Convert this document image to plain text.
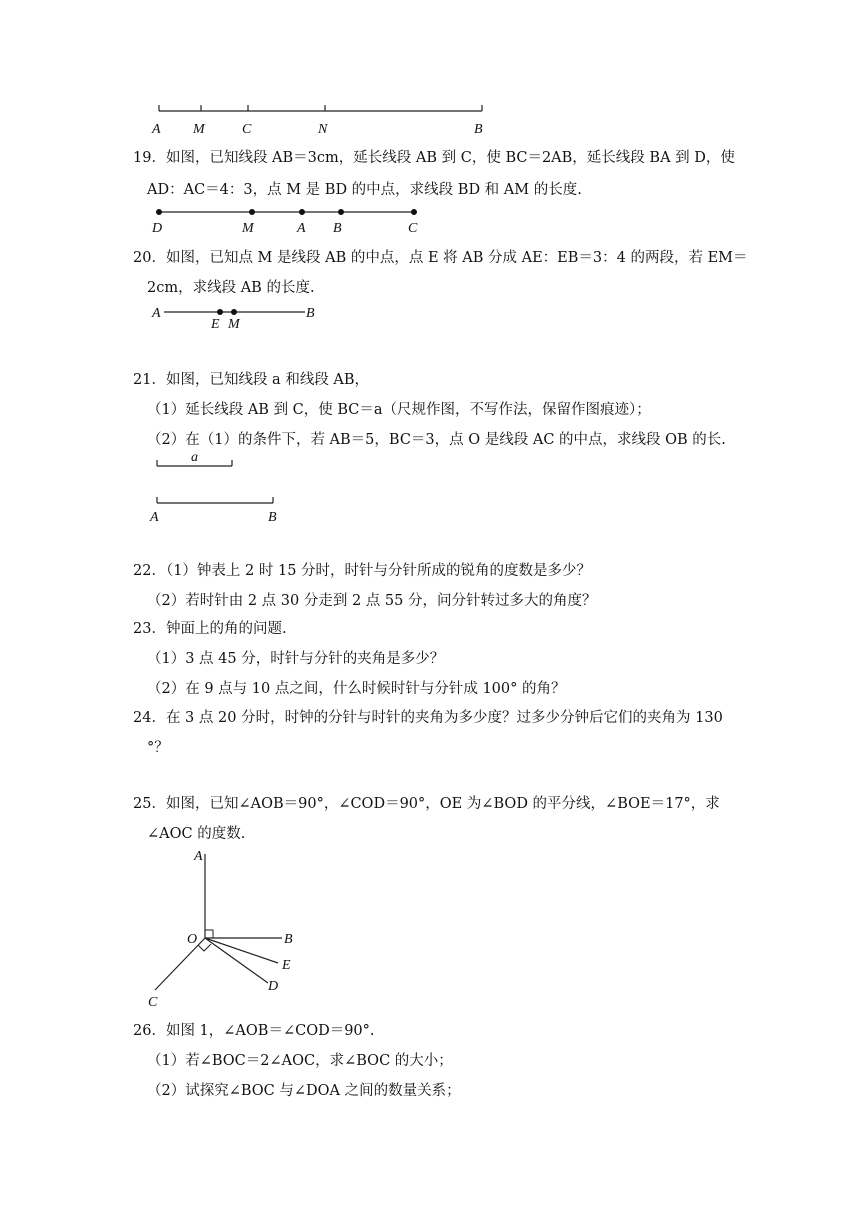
A M	C	N	B
19．如图，已知线段 AB＝3cm，延长线段 AB 到 C，使 BC＝2AB，延长线段 BA 到 D，使
AD：AC＝4：3，点 M 是 BD 的中点，求线段 BD 和 AM 的长度.
D	M	A B	C
20．如图，已知点 M 是线段 AB 的中点，点 E 将 AB 分成 AE：EB＝3：4 的两段，若 EM＝
2cm，求线段 AB 的长度.
A
E M
B
21．如图，已知线段 a 和线段 AB，
（1）延长线段 AB 到 C，使 BC＝a（尺规作图，不写作法，保留作图痕迹）；
（2）在（1）的条件下，若 AB＝5，BC＝3，点 O 是线段 AC 的中点，求线段 OB 的长.
a
A	B
22．（1）钟表上 2 时 15 分时，时针与分针所成的锐角的度数是多少？
（2）若时针由 2 点 30 分走到 2 点 55 分，问分针转过多大的角度？
23．钟面上的角的问题.
（1）3 点 45 分，时针与分针的夹角是多少？
（2）在 9 点与 10 点之间，什么时候时针与分针成 100° 的角？
24．在 3 点 20 分时，时钟的分针与时针的夹角为多少度？过多少分钟后它们的夹角为 130
°？
25．如图，已知∠AOB＝90°，∠COD＝90°，OE 为∠BOD 的平分线，∠BOE＝17°，求
∠AOC 的度数.
A
O	B
E
D
C
26．如图 1，∠AOB＝∠COD＝90°.
（1）若∠BOC＝2∠AOC，求∠BOC 的大小；
（2）试探究∠BOC 与∠DOA 之间的数量关系；
